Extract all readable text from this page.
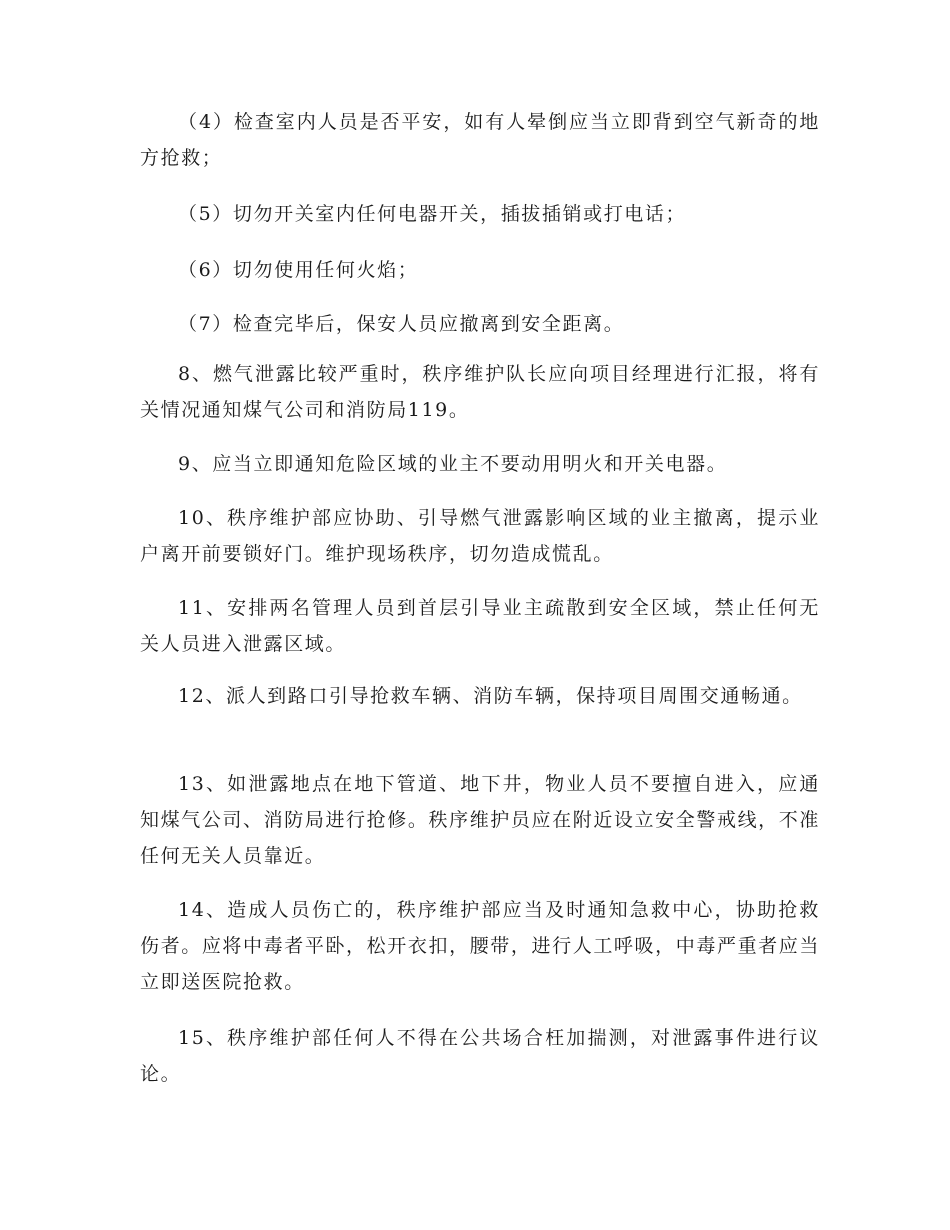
（4）检查室内人员是否平安，如有人晕倒应当立即背到空气新奇的地方抢救；

（5）切勿开关室内任何电器开关，插拔插销或打电话；

（6）切勿使用任何火焰；

（7）检查完毕后，保安人员应撤离到安全距离。

8、燃气泄露比较严重时，秩序维护队长应向项目经理进行汇报，将有关情况通知煤气公司和消防局119。

9、应当立即通知危险区域的业主不要动用明火和开关电器。

10、秩序维护部应协助、引导燃气泄露影响区域的业主撤离，提示业户离开前要锁好门。维护现场秩序，切勿造成慌乱。

11、安排两名管理人员到首层引导业主疏散到安全区域，禁止任何无关人员进入泄露区域。

12、派人到路口引导抢救车辆、消防车辆，保持项目周围交通畅通。

13、如泄露地点在地下管道、地下井，物业人员不要擅自进入，应通知煤气公司、消防局进行抢修。秩序维护员应在附近设立安全警戒线，不准任何无关人员靠近。

14、造成人员伤亡的，秩序维护部应当及时通知急救中心，协助抢救伤者。应将中毒者平卧，松开衣扣，腰带，进行人工呼吸，中毒严重者应当立即送医院抢救。

15、秩序维护部任何人不得在公共场合枉加揣测，对泄露事件进行议论。
